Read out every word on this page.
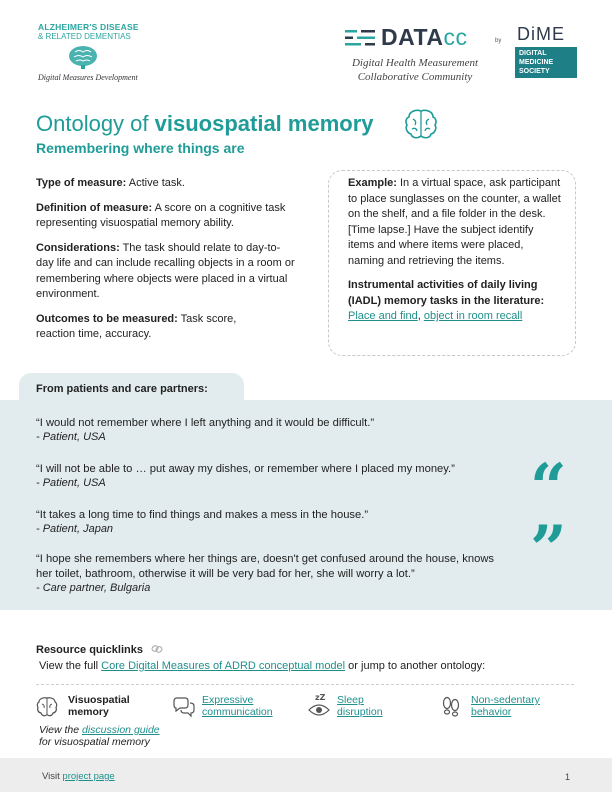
ALZHEIMER'S DISEASE
& RELATED DEMENTIAS
Digital Measures Development
DATAcc
Digital Health Measurement
Collaborative Community
by DiME
DIGITAL
MEDICINE
SOCIETY
Ontology of visuospatial memory
Remembering where things are
Type of measure: Active task.
Definition of measure: A score on a cognitive task representing visuospatial memory ability.
Considerations: The task should relate to day-to-day life and can include recalling objects in a room or remembering where objects were placed in a virtual environment.
Outcomes to be measured: Task score, reaction time, accuracy.
Example: In a virtual space, ask participant to place sunglasses on the counter, a wallet on the shelf, and a file folder in the desk. [Time lapse.] Have the subject identify items and where items were placed, naming and retrieving the items.
Instrumental activities of daily living (IADL) memory tasks in the literature: Place and find, object in room recall
From patients and care partners:
“I would not remember where I left anything and it would be difficult.”
- Patient, USA
“I will not be able to … put away my dishes, or remember where I placed my money.”
- Patient, USA
“It takes a long time to find things and makes a mess in the house.”
- Patient, Japan
“I hope she remembers where her things are, doesn't get confused around the house, knows her toilet, bathroom, otherwise it will be very bad for her, she will worry a lot.”
- Care partner, Bulgaria
“
”
Resource quicklinks
View the full Core Digital Measures of ADRD conceptual model or jump to another ontology:
Visuospatial memory
Expressive communication
zZ Sleep disruption
Non-sedentary behavior
View the discussion guide
for visuospatial memory
Visit project page	1
